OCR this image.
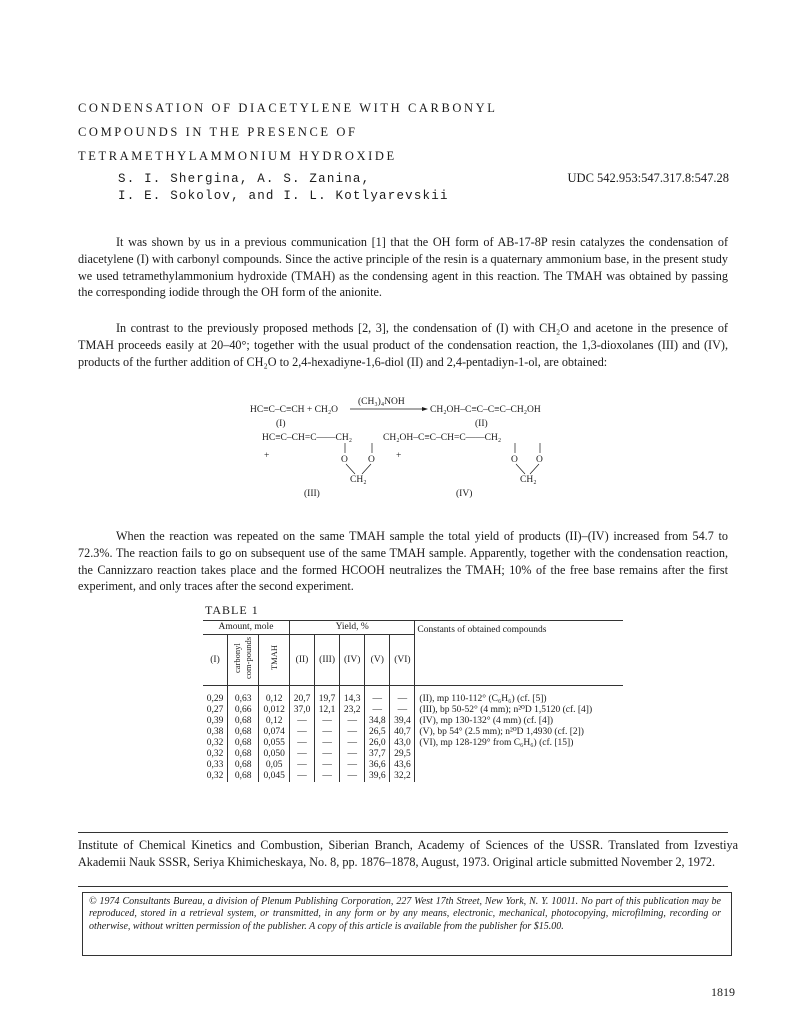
CONDENSATION OF DIACETYLENE WITH CARBONYL
COMPOUNDS IN THE PRESENCE OF
TETRAMETHYLAMMONIUM HYDROXIDE
S. I. Shergina, A. S. Zanina,
I. E. Sokolov, and I. L. Kotlyarevskii
UDC 542.953:547.317.8:547.28
It was shown by us in a previous communication [1] that the OH form of AB-17-8P resin catalyzes the condensation of diacetylene (I) with carbonyl compounds. Since the active principle of the resin is a quaternary ammonium base, in the present study we used tetramethylammonium hydroxide (TMAH) as the condensing agent in this reaction. The TMAH was obtained by passing the corresponding iodide through the OH form of the anionite.
In contrast to the previously proposed methods [2, 3], the condensation of (I) with CH₂O and acetone in the presence of TMAH proceeds easily at 20–40°; together with the usual product of the condensation reaction, the 1,3-dioxolanes (III) and (IV), products of the further addition of CH₂O to 2,4-hexadiyne-1,6-diol (II) and 2,4-pentadiyn-1-ol, are obtained:
HC≡C–C≡CH + CH₂O
(CH₃)₄NOH
CH₂OH–C≡C–C≡C–CH₂OH
(I)	(II)
HC≡C–CH=C——CH₂	CH₂OH–C≡C–CH=C——CH₂
O O
CH₂
O O
CH₂
+	+
(III)	(IV)
When the reaction was repeated on the same TMAH sample the total yield of products (II)–(IV) increased from 54.7 to 72.3%. The reaction fails to go on subsequent use of the same TMAH sample. Apparently, together with the condensation reaction, the Cannizzaro reaction takes place and the formed HCOOH neutralizes the TMAH; 10% of the free base remains after the first experiment, and only traces after the second experiment.
TABLE 1
Amount, mole			Yield, %					Constants of obtained compounds
(I)	carbonyl com-pounds	TMAH	(II)	(III)	(IV)	(V)	(VI)	
0,29	0,63	0,12	20,7	19,7	14,3	—	—	(II), mp 110-112° (C₆H₆) (cf. [5])
0,27	0,66	0,012	37,0	12,1	23,2	—	—	(III), bp 50-52° (4 mm); n²⁰D 1,5120 (cf. [4])
0,39	0,68	0,12	—	—	—	34,8	39,4	(IV), mp 130-132° (4 mm) (cf. [4])
0,38	0,68	0,074	—	—	—	26,5	40,7	(V), bp 54° (2.5 mm); n²⁰D 1,4930 (cf. [2])
0,32	0,68	0,055	—	—	—	26,0	43,0	(VI), mp 128-129° from C₆H₆) (cf. [15])
0,32	0,68	0,050	—	—	—	37,7	29,5	
0,33	0,68	0,05	—	—	—	36,6	43,6	
0,32	0,68	0,045	—	—	—	39,6	32,2	
Institute of Chemical Kinetics and Combustion, Siberian Branch, Academy of Sciences of the USSR. Translated from Izvestiya Akademii Nauk SSSR, Seriya Khimicheskaya, No. 8, pp. 1876–1878, August, 1973. Original article submitted November 2, 1972.
© 1974 Consultants Bureau, a division of Plenum Publishing Corporation, 227 West 17th Street, New York, N. Y. 10011. No part of this publication may be reproduced, stored in a retrieval system, or transmitted, in any form or by any means, electronic, mechanical, photocopying, microfilming, recording or otherwise, without written permission of the publisher. A copy of this article is available from the publisher for $15.00.
1819
